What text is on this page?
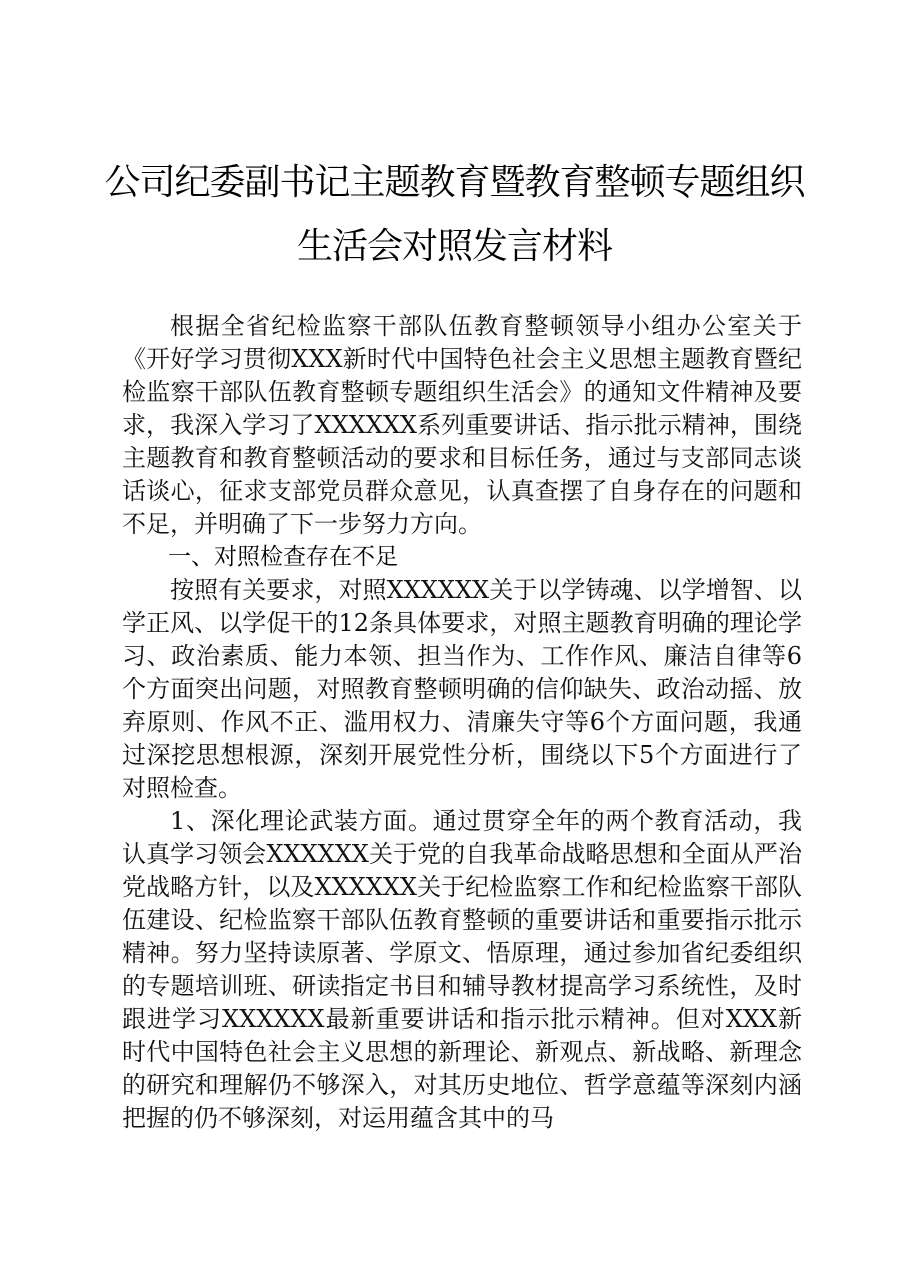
公司纪委副书记主题教育暨教育整顿专题组织
生活会对照发言材料

根据全省纪检监察干部队伍教育整顿领导小组办公室关于《开好学习贯彻XXX新时代中国特色社会主义思想主题教育暨纪检监察干部队伍教育整顿专题组织生活会》的通知文件精神及要求，我深入学习了XXXXXX系列重要讲话、指示批示精神，围绕主题教育和教育整顿活动的要求和目标任务，通过与支部同志谈话谈心，征求支部党员群众意见，认真查摆了自身存在的问题和不足，并明确了下一步努力方向。

一、对照检查存在不足

按照有关要求，对照XXXXXX关于以学铸魂、以学增智、以学正风、以学促干的12条具体要求，对照主题教育明确的理论学习、政治素质、能力本领、担当作为、工作作风、廉洁自律等6个方面突出问题，对照教育整顿明确的信仰缺失、政治动摇、放弃原则、作风不正、滥用权力、清廉失守等6个方面问题，我通过深挖思想根源，深刻开展党性分析，围绕以下5个方面进行了对照检查。

1、深化理论武装方面。通过贯穿全年的两个教育活动，我认真学习领会XXXXXX关于党的自我革命战略思想和全面从严治党战略方针，以及XXXXXX关于纪检监察工作和纪检监察干部队伍建设、纪检监察干部队伍教育整顿的重要讲话和重要指示批示精神。努力坚持读原著、学原文、悟原理，通过参加省纪委组织的专题培训班、研读指定书目和辅导教材提高学习系统性，及时跟进学习XXXXXX最新重要讲话和指示批示精神。但对XXX新时代中国特色社会主义思想的新理论、新观点、新战略、新理念的研究和理解仍不够深入，对其历史地位、哲学意蕴等深刻内涵把握的仍不够深刻，对运用蕴含其中的马
